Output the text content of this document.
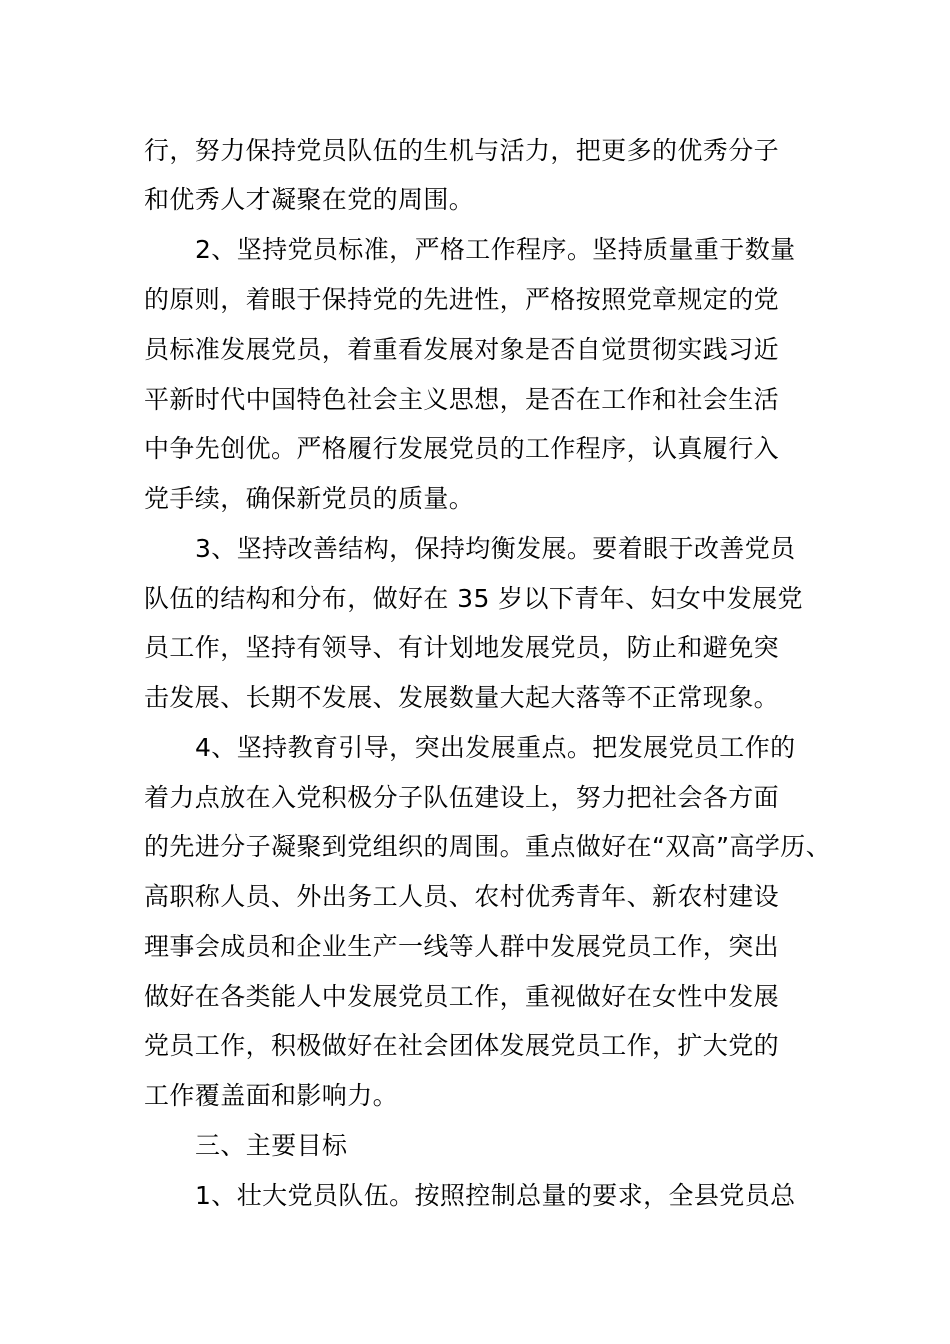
行，努力保持党员队伍的生机与活力，把更多的优秀分子
和优秀人才凝聚在党的周围。
2、坚持党员标准，严格工作程序。坚持质量重于数量
的原则，着眼于保持党的先进性，严格按照党章规定的党
员标准发展党员，着重看发展对象是否自觉贯彻实践习近
平新时代中国特色社会主义思想，是否在工作和社会生活
中争先创优。严格履行发展党员的工作程序，认真履行入
党手续，确保新党员的质量。
3、坚持改善结构，保持均衡发展。要着眼于改善党员
队伍的结构和分布，做好在 35 岁以下青年、妇女中发展党
员工作，坚持有领导、有计划地发展党员，防止和避免突
击发展、长期不发展、发展数量大起大落等不正常现象。
4、坚持教育引导，突出发展重点。把发展党员工作的
着力点放在入党积极分子队伍建设上，努力把社会各方面
的先进分子凝聚到党组织的周围。重点做好在“双高”高学历、
高职称人员、外出务工人员、农村优秀青年、新农村建设
理事会成员和企业生产一线等人群中发展党员工作，突出
做好在各类能人中发展党员工作，重视做好在女性中发展
党员工作，积极做好在社会团体发展党员工作，扩大党的
工作覆盖面和影响力。
三、主要目标
1、壮大党员队伍。按照控制总量的要求，全县党员总
